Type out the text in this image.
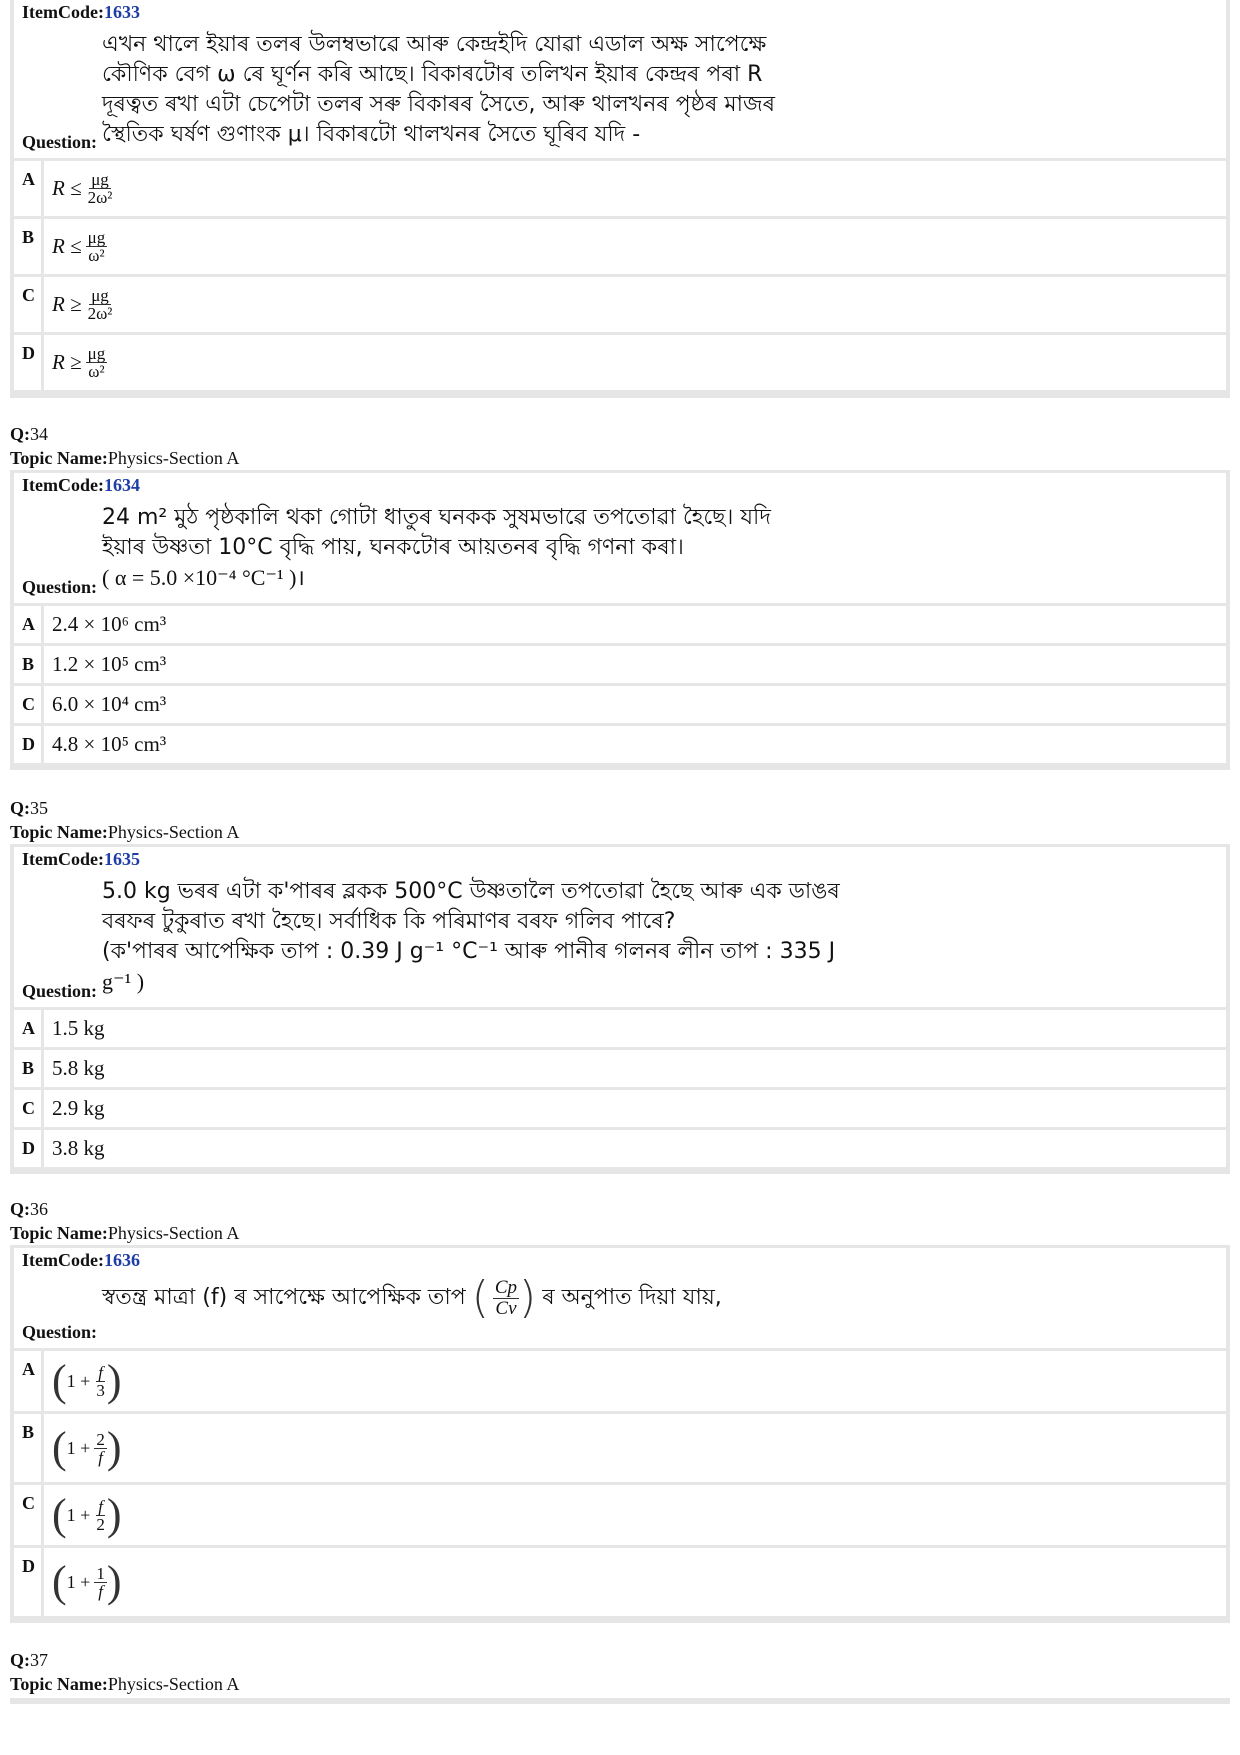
ItemCode:1633
এখন থালে ইয়াৰ তলৰ উলম্বভাৱে আৰু কেন্দ্ৰইদি যোৱা এডাল অক্ষ সাপেক্ষে
কৌণিক বেগ ω ৰে ঘূৰ্ণন কৰি আছে। বিকাৰটোৰ তলিখন ইয়াৰ কেন্দ্ৰৰ পৰা R
দূৰত্বত ৰখা এটা চেপেটা তলৰ সৰু বিকাৰৰ সৈতে, আৰু থালখনৰ পৃষ্ঠৰ মাজৰ
স্থৈতিক ঘৰ্ষণ গুণাংক μ। বিকাৰটো থালখনৰ সৈতে ঘূৰিব যদি -
Question:
A $R \le \frac{\mu g}{\text{2ω²}}$
B $R \le \frac{\mu g}{\text{ω²}}$
C $R \ge \frac{\mu g}{\text{2ω²}}$
D $R \ge \frac{\mu g}{\text{ω²}}$
Q:34
Topic Name:Physics-Section A
ItemCode:1634
24 m² মুঠ পৃষ্ঠকালি থকা গোটা ধাতুৰ ঘনকক সুষমভাৱে তপতোৱা হৈছে। যদি
ইয়াৰ উষ্ণতা 10°C বৃদ্ধি পায়, ঘনকটোৰ আয়তনৰ বৃদ্ধি গণনা কৰা।
( α = 5.0 ×10⁻⁴ °C⁻¹ )।
Question:
A 2.4 × 10⁶ cm³
B 1.2 × 10⁵ cm³
C 6.0 × 10⁴ cm³
D 4.8 × 10⁵ cm³
Q:35
Topic Name:Physics-Section A
ItemCode:1635
5.0 kg ভৰৰ এটা ক'পাৰৰ ব্লকক 500°C উষ্ণতালৈ তপতোৱা হৈছে আৰু এক ডাঙৰ
বৰফৰ টুকুৰাত ৰখা হৈছে। সৰ্বাধিক কি পৰিমাণৰ বৰফ গলিব পাৰে?
(ক'পাৰৰ আপেক্ষিক তাপ : 0.39 J g⁻¹ °C⁻¹ আৰু পানীৰ গলনৰ লীন তাপ : 335 J
g⁻¹ )
Question:
A 1.5 kg
B 5.8 kg
C 2.9 kg
D 3.8 kg
Q:36
Topic Name:Physics-Section A
ItemCode:1636
স্বতন্ত্ৰ মাত্ৰা (f) ৰ সাপেক্ষে আপেক্ষিক তাপ ( $\frac{Cp}{Cv}$ ) ৰ অনুপাত দিয়া যায়,
Question:
A ( $1 + \frac{f}{3}$ )
B ( $1 + \frac{2}{f}$ )
C ( $1 + \frac{f}{2}$ )
D ( $1 + \frac{1}{f}$ )
Q:37
Topic Name:Physics-Section A
